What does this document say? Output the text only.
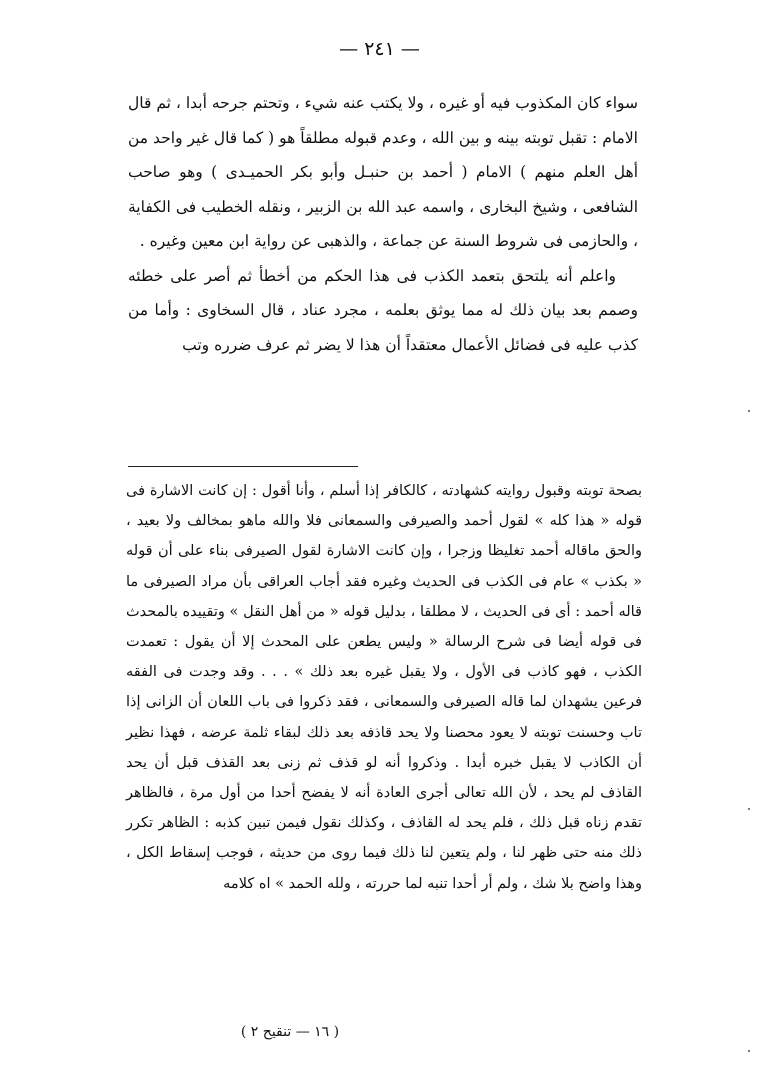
— ٢٤١ —

سواء كان المكذوب فيه أو غيره ، ولا يكتب عنه شيء ، وتحتم جرحه أبدا ، ثم قال الامام : تقبل توبته بينه و بين الله ، وعدم قبوله مطلقاً هو ( كما قال غير واحد من أهل العلم منهم ) الامام ( أحمد بن حنبـل وأبو بكر الحميـدى ) وهو صاحب الشافعى ، وشيخ البخارى ، واسمه عبد الله بن الزبير ، ونقله الخطيب فى الكفاية ، والحازمى فى شروط السنة عن جماعة ، والذهبى عن رواية ابن معين وغيره .

واعلم أنه يلتحق بتعمد الكذب فى هذا الحكم من أخطأ ثم أصر على خطئه وصمم بعد بيان ذلك له مما يوثق بعلمه ، مجرد عناد ، قال السخاوى : وأما من كذب عليه فى فضائل الأعمال معتقداً أن هذا لا يضر ثم عرف ضرره وتب

بصحة توبته وقبول روايته كشهادته ، كالكافر إذا أسلم ، وأنا أقول : إن كانت الاشارة فى قوله « هذا كله » لقول أحمد والصيرفى والسمعانى فلا والله ماهو بمخالف ولا بعيد ، والحق ماقاله أحمد تغليظا وزجرا ، وإن كانت الاشارة لقول الصيرفى بناء على أن قوله « بكذب » عام فى الكذب فى الحديث وغيره فقد أجاب العراقى بأن مراد الصيرفى ما قاله أحمد : أى فى الحديث ، لا مطلقا ، بدليل قوله « من أهل النقل » وتقييده بالمحدث فى قوله أيضا فى شرح الرسالة « وليس يطعن على المحدث إلا أن يقول : تعمدت الكذب ، فهو كاذب فى الأول ، ولا يقبل غيره بعد ذلك » . . . وقد وجدت فى الفقه فرعين يشهدان لما قاله الصيرفى والسمعانى ، فقد ذكروا فى باب اللعان أن الزانى إذا تاب وحسنت توبته لا يعود محصنا ولا يحد قاذفه بعد ذلك لبقاء ثلمة عرضه ، فهذا نظير أن الكاذب لا يقبل خبره أبدا . وذكروا أنه لو قذف ثم زنى بعد القذف قبل أن يحد القاذف لم يحد ، لأن الله تعالى أجرى العادة أنه لا يفضح أحدا من أول مرة ، فالظاهر تقدم زناه قبل ذلك ، فلم يحد له القاذف ، وكذلك نقول فيمن تبين كذبه : الظاهر تكرر ذلك منه حتى ظهر لنا ، ولم يتعين لنا ذلك فيما روى من حديثه ، فوجب إسقاط الكل ، وهذا واضح بلا شك ، ولم أر أحدا تنبه لما حررته ، ولله الحمد » اه كلامه

( ١٦ — تنقيح ٢ )
